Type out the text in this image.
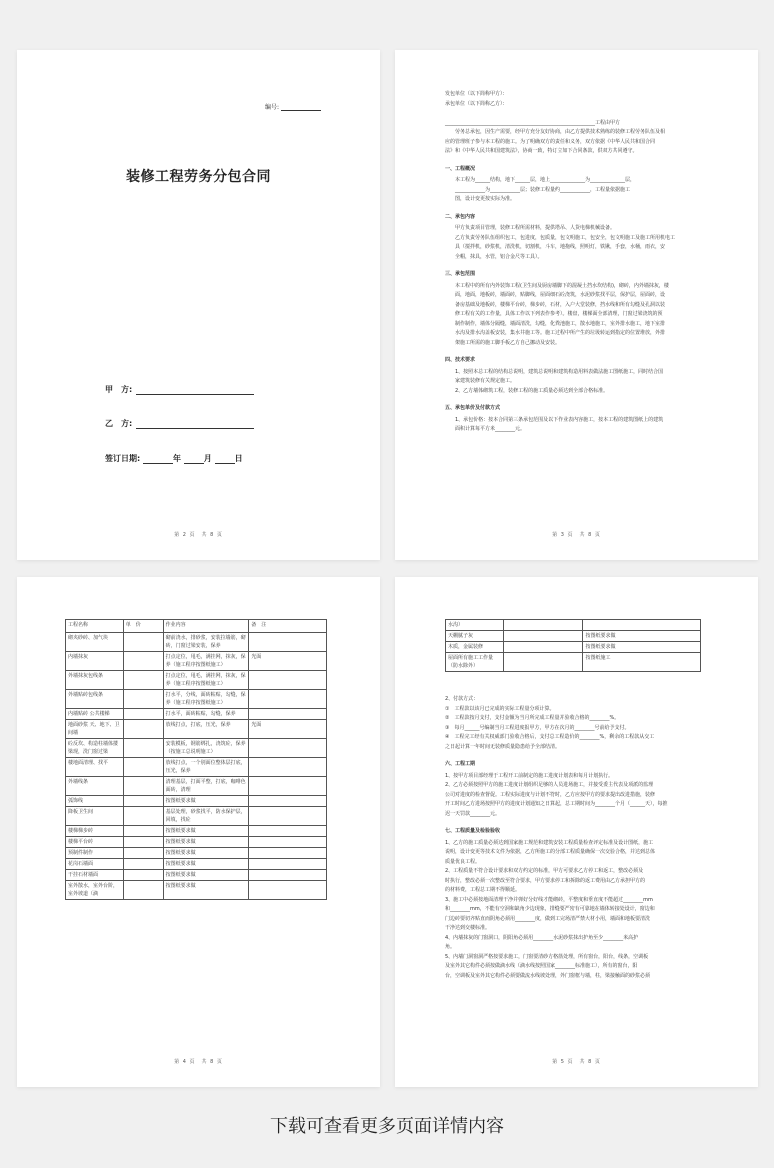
编号:
装修工程劳务分包合同
甲　方:
乙　方:
签订日期:	年	月	日
第 2 页　共 8 页

发包单位（以下简称甲方）：

承包单位（以下简称乙方）：

____________________________________________________________工程由甲方

劳务总承包，因生产需要，经甲方充分友好协商，由乙方提供技术熟练的装修工程劳务队伍及相

应的管理班子参与本工程的施工。为了明确双方的责任和义务，双方依据《中华人民共和国合同

法》和《中华人民共和国建筑法》，协商一致，特订立如下合同条款，供双方共同遵守。

一、工程概况

本工程为______结构，地下______层，地上______________为______________层，

____________为____________层；装修工程量约____________，工程量依据施工

图，设计变更按实际为准。

二、承包内容

甲方负责项目管理，装修工程所需材料，提供塔吊、人货电梯机械设备。

乙方负责劳务队伍组织包工，包进度，包质量，包文明施工，包安全，包文明施工及施工所用机电工

具（搅拌机，砂浆机，清洗机，切割机，斗车，地拖线，照明灯，铁锹，手套，水桶，雨衣，安

全帽，抹具，水管，铝合金尺等工具）。

三、承包范围

本工程中的所有内外装饰工程(卫生间及厨房墙脚下的混凝土挡水坎结构)，砌砖，内外墙抹灰，楼

面，地面，地板砖，墙面砖，贴脚线，屋面细石砼浇筑，水泥砂浆找平层，保护层，屋面砖，设

备房基础及地板砖，楼梯平台砖，梯步砖，石材，入户大堂装修，挡水线和所有勾缝及孔洞以装

修工程有关的工作量，具体工作以下列表作参考）。楼盘，楼梯面全部清理，门窗过梁浇筑的预

制作制作，墙体分隔缝，墙面清洗，勾缝，化粪池施工，散水地施工，室外排水施工，地下室排

水沟及排水沟盖板安装，集水井施工等。施工过程中所产生的垃圾转运到指定的位置堆放，外排

架施工所需的施工脚手板乙方自己挪动及安装。

四、技术要求

1、按照本总工程的结构总说明，建筑总说明和建筑构造用料表做法施工图纸施工，同时结合国

家建筑装修有关规定施工。

2、乙方墙体砌筑工程，装修工程的施工质量必须达到全部合格标准。

五、承包单价及付款方式

1、承包价格：按本合同第三条承包范围及以下作业表内容施工，按本工程的建筑图纸上的建筑

面积计算每平方米________元。

第 3 页　共 8 页
工程名称	单　价	作业内容	备　注
砌夹砂砖、加气块		砌前浇水，排砂浆，安装拉墙筋，砌砖，门窗过梁安装，保养	
内墙抹灰		打点定位，甩毛，满挂网，抹灰，保养（施工程序按图纸施工）	光面
外墙抹灰包线条		打点定位，甩毛，满挂网，抹灰，保养（施工程序按图纸施工）	
外墙贴砖包线条		打水平，分线，面砖粘贴，勾缝，保养（施工程序按图纸施工）	
内墙贴砖 公共楼梯		打水平，面砖粘贴，勾缝，保养	
地面砂浆 天、地下、卫间墙		放线打点，打底，压光，保养	光面
砼反坎、构造柱墙体搂梁现，洗门窗过梁		安装模板，钢筋绑扎，浇筑砼，保养（按施工总说明施工）	
楼地面清理、找平		放线打点，一个别面位整体层打底，压光，保养	
外墙线条		清理基层，打面平整，打底，咖啡色面砖，清理	
弧饰线		按图纸要求做	
降板卫生间		基层处理，砂浆找平，防水保护层，回填，找砼	
楼梯梯步砖		按图纸要求做	
楼梯平台砖		按图纸要求做	
预制件制作		按图纸要求做	
花岗石墙面		按图纸要求做	
干挂石材墙面		按图纸要求做	
室外散水，室外台阶，室外坡道（滴		按图纸要求做	
第 4 页　共 8 页
水沟）		
天棚腻子灰		按图纸要求做
木质，金属装修		按图纸要求做
屋面所有施工工作量（防水除外）		按图纸施工

2、付款方式：

①　工程款以该月已完成的实际工程量分项计算。

②　工程款按月支付，支付金额为当月所完成工程量并验收合格的________%。

③　每月______号编制当月工程进度报甲方，甲方在次月的________号前给予支付。

④　工程完工经有关权威部门验收合格后，支付总工程造价的________%，剩余的工程款从交工

之日起计算一年时间无装修质量隐患给予全部结清。

六、工程工期

1、按甲方项目部经理于工程开工前制定的施工进度计划表和每月计划执行。

2、乙方必须按照甲方的施工进度计划组织足够的人员进场施工，并接受委主代表及项派的监理

公司对进度的检查督促。工程实际进度与计划不符时，乙方应按甲方的要求提出改进措施，装修

开工时间乙方进场按照甲方的进度计划通知之日算起，总工期时间为________个月（______天），每推

迟一天罚款________元。

七、工程质量及检验验收

1、乙方的施工质量必须达到国家施工规范和建筑安装工程质量检查评定标准及设计图纸，施工

说明，设计变更等技术文件为依据，乙方所施工的分部工程质量确保一次交验合格，并达到总体

质量优良工程。

2、工程质量不符合设计要求和双方约定的标准，甲方可要求乙方停工和返工，整改必须及

时执行，整改必须一次整改至符合要求，甲方要求停工和拆除的返工费用由乙方承担甲方的

的材料费，工程总工期不得顺延。

3、施工中必须按地面清理干净并弹好分好线才能砌砖，平整度和垂直度不能超过________mm

和________mm，不能有空洞和缺角少边现象，排缝要严密有可靠地在墙体转接处设计，窗边和

门边砖要切齐贴直而阴角必须用________度，做到工完场清严禁大材小用，墙面和地板要清洗

干净达到交楼标准。

4、内墙抹灰的门窗洞口，阴阳角必须用________水泥砂浆抹出护角至少________米高护

角。

5、内墙门洞窗洞严格按要求施工，门窗要清砂方格筋处理，所有窗台，阳台，线条，空调板

及室外其它构件必须按做滴水线（滴水线按照国家________标准施工），所有的窗台，阳

台，空调板及室外其它构件必须要做流水线坡处理，外门窗框与墙，柱，梁接触面的砂浆必须

第 5 页　共 8 页
下载可查看更多页面详情内容
